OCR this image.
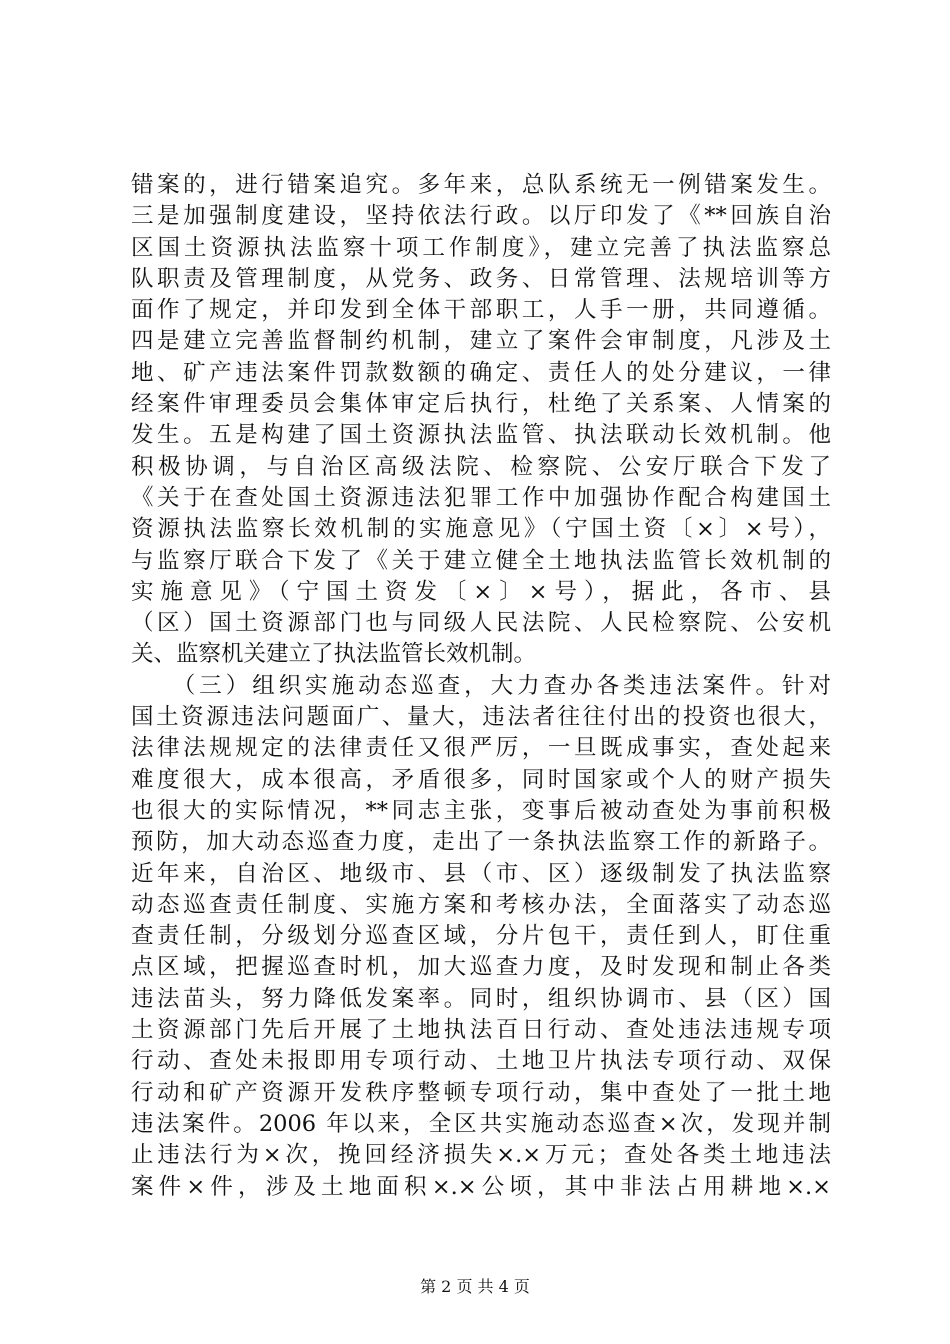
错案的，进行错案追究。多年来，总队系统无一例错案发生。
三是加强制度建设，坚持依法行政。以厅印发了《**回族自治
区国土资源执法监察十项工作制度》，建立完善了执法监察总
队职责及管理制度，从党务、政务、日常管理、法规培训等方
面作了规定，并印发到全体干部职工，人手一册，共同遵循。
四是建立完善监督制约机制，建立了案件会审制度，凡涉及土
地、矿产违法案件罚款数额的确定、责任人的处分建议，一律
经案件审理委员会集体审定后执行，杜绝了关系案、人情案的
发生。五是构建了国土资源执法监管、执法联动长效机制。他
积极协调，与自治区高级法院、检察院、公安厅联合下发了
《关于在查处国土资源违法犯罪工作中加强协作配合构建国土
资源执法监察长效机制的实施意见》（宁国土资〔×〕×号），
与监察厅联合下发了《关于建立健全土地执法监管长效机制的
实施意见》（宁国土资发〔×〕×号），据此，各市、县
（区）国土资源部门也与同级人民法院、人民检察院、公安机
关、监察机关建立了执法监管长效机制。
　　（三）组织实施动态巡查，大力查办各类违法案件。针对
国土资源违法问题面广、量大，违法者往往付出的投资也很大，
法律法规规定的法律责任又很严厉，一旦既成事实，查处起来
难度很大，成本很高，矛盾很多，同时国家或个人的财产损失
也很大的实际情况，**同志主张，变事后被动查处为事前积极
预防，加大动态巡查力度，走出了一条执法监察工作的新路子。
近年来，自治区、地级市、县（市、区）逐级制发了执法监察
动态巡查责任制度、实施方案和考核办法，全面落实了动态巡
查责任制，分级划分巡查区域，分片包干，责任到人，盯住重
点区域，把握巡查时机，加大巡查力度，及时发现和制止各类
违法苗头，努力降低发案率。同时，组织协调市、县（区）国
土资源部门先后开展了土地执法百日行动、查处违法违规专项
行动、查处未报即用专项行动、土地卫片执法专项行动、双保
行动和矿产资源开发秩序整顿专项行动，集中查处了一批土地
违法案件。2006 年以来，全区共实施动态巡查×次，发现并制
止违法行为×次，挽回经济损失×.×万元；查处各类土地违法
案件×件，涉及土地面积×.×公顷，其中非法占用耕地×.×
第 2 页 共 4 页
